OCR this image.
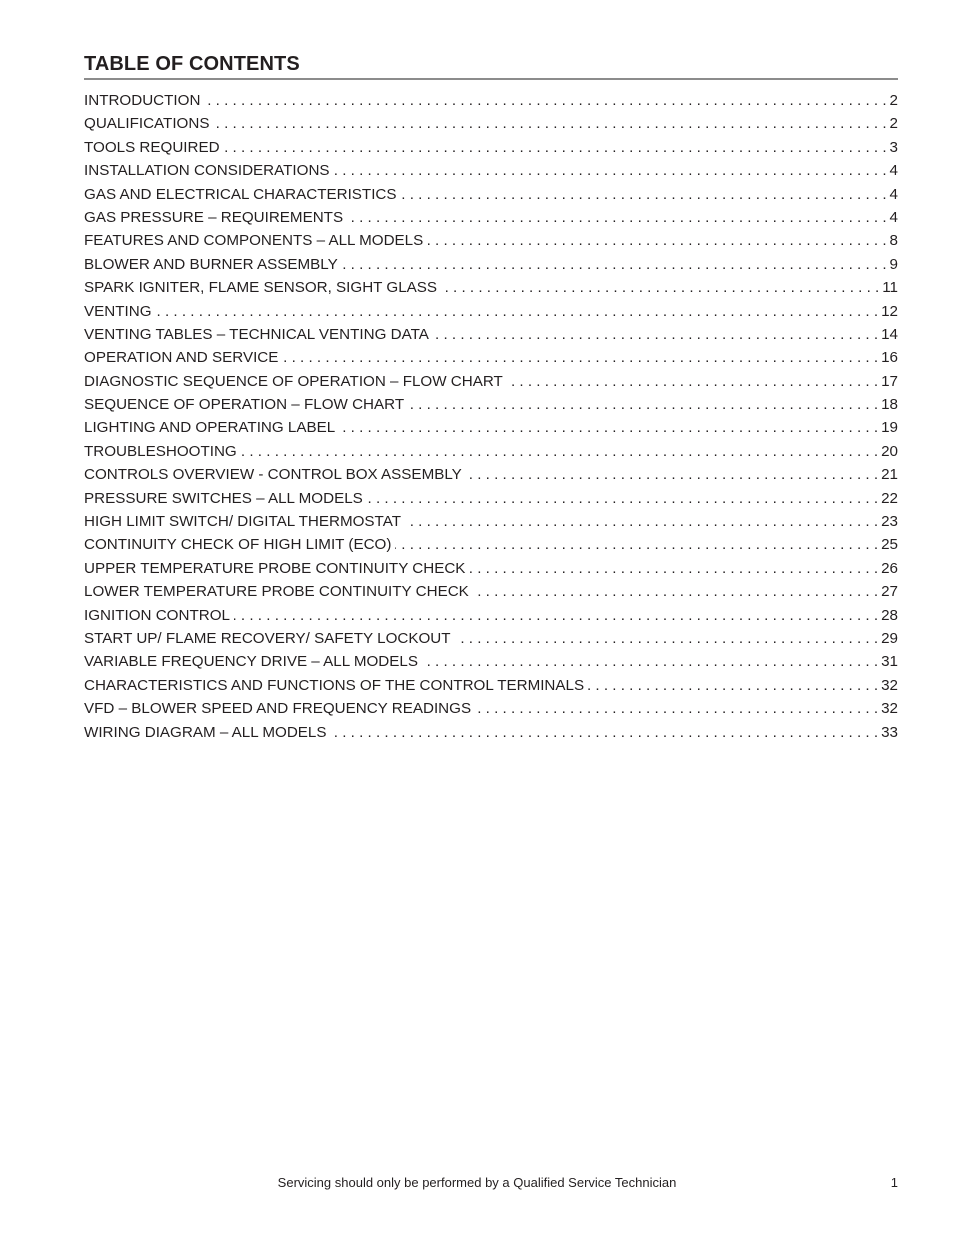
TABLE OF CONTENTS
INTRODUCTION . . .	2
QUALIFICATIONS . . .	2
TOOLS REQUIRED . . .	3
INSTALLATION CONSIDERATIONS . . .	4
GAS AND ELECTRICAL CHARACTERISTICS . . .	4
GAS PRESSURE – REQUIREMENTS . . .	4
FEATURES AND COMPONENTS – ALL MODELS . . .	8
BLOWER AND BURNER ASSEMBLY . . .	9
SPARK IGNITER, FLAME SENSOR, SIGHT GLASS . . .	11
VENTING . . .	12
VENTING TABLES – TECHNICAL VENTING DATA . . .	14
OPERATION AND SERVICE . . .	16
DIAGNOSTIC SEQUENCE OF OPERATION – FLOW CHART . . .	17
SEQUENCE OF OPERATION – FLOW CHART . . .	18
LIGHTING AND OPERATING LABEL . . .	19
TROUBLESHOOTING . . .	20
CONTROLS OVERVIEW - CONTROL BOX ASSEMBLY . . .	21
PRESSURE SWITCHES – ALL MODELS . . .	22
HIGH LIMIT SWITCH/ DIGITAL THERMOSTAT . . .	23
CONTINUITY CHECK OF HIGH LIMIT (ECO) . . .	25
UPPER TEMPERATURE PROBE CONTINUITY CHECK . . .	26
LOWER TEMPERATURE PROBE CONTINUITY CHECK . . .	27
IGNITION CONTROL . . .	28
START UP/ FLAME RECOVERY/ SAFETY LOCKOUT . . .	29
VARIABLE FREQUENCY DRIVE – ALL MODELS . . .	31
CHARACTERISTICS AND FUNCTIONS OF THE CONTROL TERMINALS . . .	32
VFD – BLOWER SPEED AND FREQUENCY READINGS . . .	32
WIRING DIAGRAM – ALL MODELS . . .	33
Servicing should only be performed by a Qualified Service Technician	1
